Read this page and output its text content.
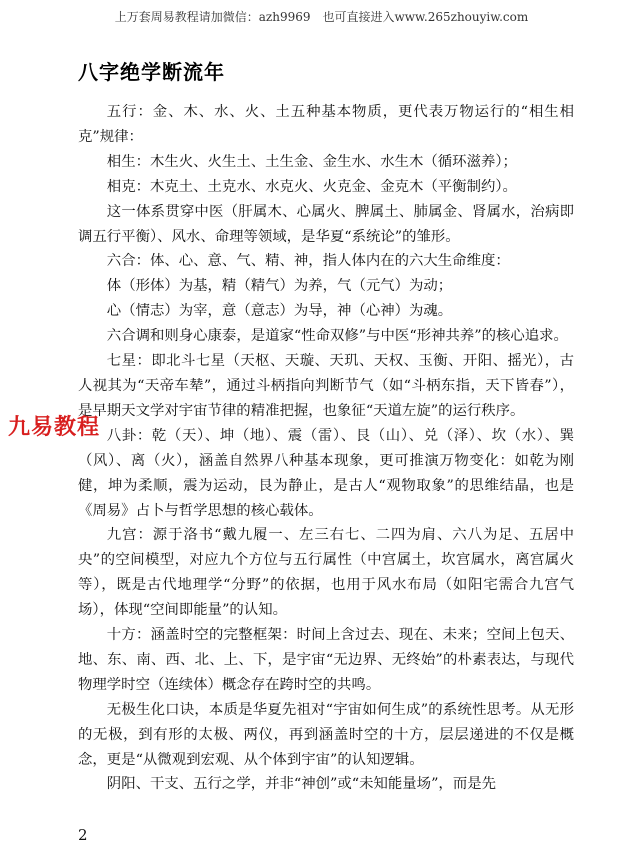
上万套周易教程请加微信：azh9969　也可直接进入www.265zhouyiw.com
八字绝学断流年

五行：金、木、水、火、土五种基本物质，更代表万物运行的“相生相克”规律：

相生：木生火、火生土、土生金、金生水、水生木（循环滋养）；

相克：木克土、土克水、水克火、火克金、金克木（平衡制约）。

这一体系贯穿中医（肝属木、心属火、脾属土、肺属金、肾属水，治病即调五行平衡）、风水、命理等领域，是华夏“系统论”的雏形。

六合：体、心、意、气、精、神，指人体内在的六大生命维度：

体（形体）为基，精（精气）为养，气（元气）为动；

心（情志）为宰，意（意志）为导，神（心神）为魂。

六合调和则身心康泰，是道家“性命双修”与中医“形神共养”的核心追求。

七星：即北斗七星（天枢、天璇、天玑、天权、玉衡、开阳、摇光），古人视其为“天帝车辇”，通过斗柄指向判断节气（如“斗柄东指，天下皆春”），是早期天文学对宇宙节律的精准把握，也象征“天道左旋”的运行秩序。

八卦：乾（天）、坤（地）、震（雷）、艮（山）、兑（泽）、坎（水）、巽（风）、离（火），涵盖自然界八种基本现象，更可推演万物变化：如乾为刚健，坤为柔顺，震为运动，艮为静止，是古人“观物取象”的思维结晶，也是《周易》占卜与哲学思想的核心载体。

九宫：源于洛书“戴九履一、左三右七、二四为肩、六八为足、五居中央”的空间模型，对应九个方位与五行属性（中宫属土，坎宫属水，离宫属火等），既是古代地理学“分野”的依据，也用于风水布局（如阳宅需合九宫气场），体现“空间即能量”的认知。

十方：涵盖时空的完整框架：时间上含过去、现在、未来；空间上包天、地、东、南、西、北、上、下，是宇宙“无边界、无终始”的朴素表达，与现代物理学时空（连续体）概念存在跨时空的共鸣。

无极生化口诀，本质是华夏先祖对“宇宙如何生成”的系统性思考。从无形的无极，到有形的太极、两仪，再到涵盖时空的十方，层层递进的不仅是概念，更是“从微观到宏观、从个体到宇宙”的认知逻辑。

阴阳、干支、五行之学，并非“神创”或“未知能量场”，而是先

九易教程
2
